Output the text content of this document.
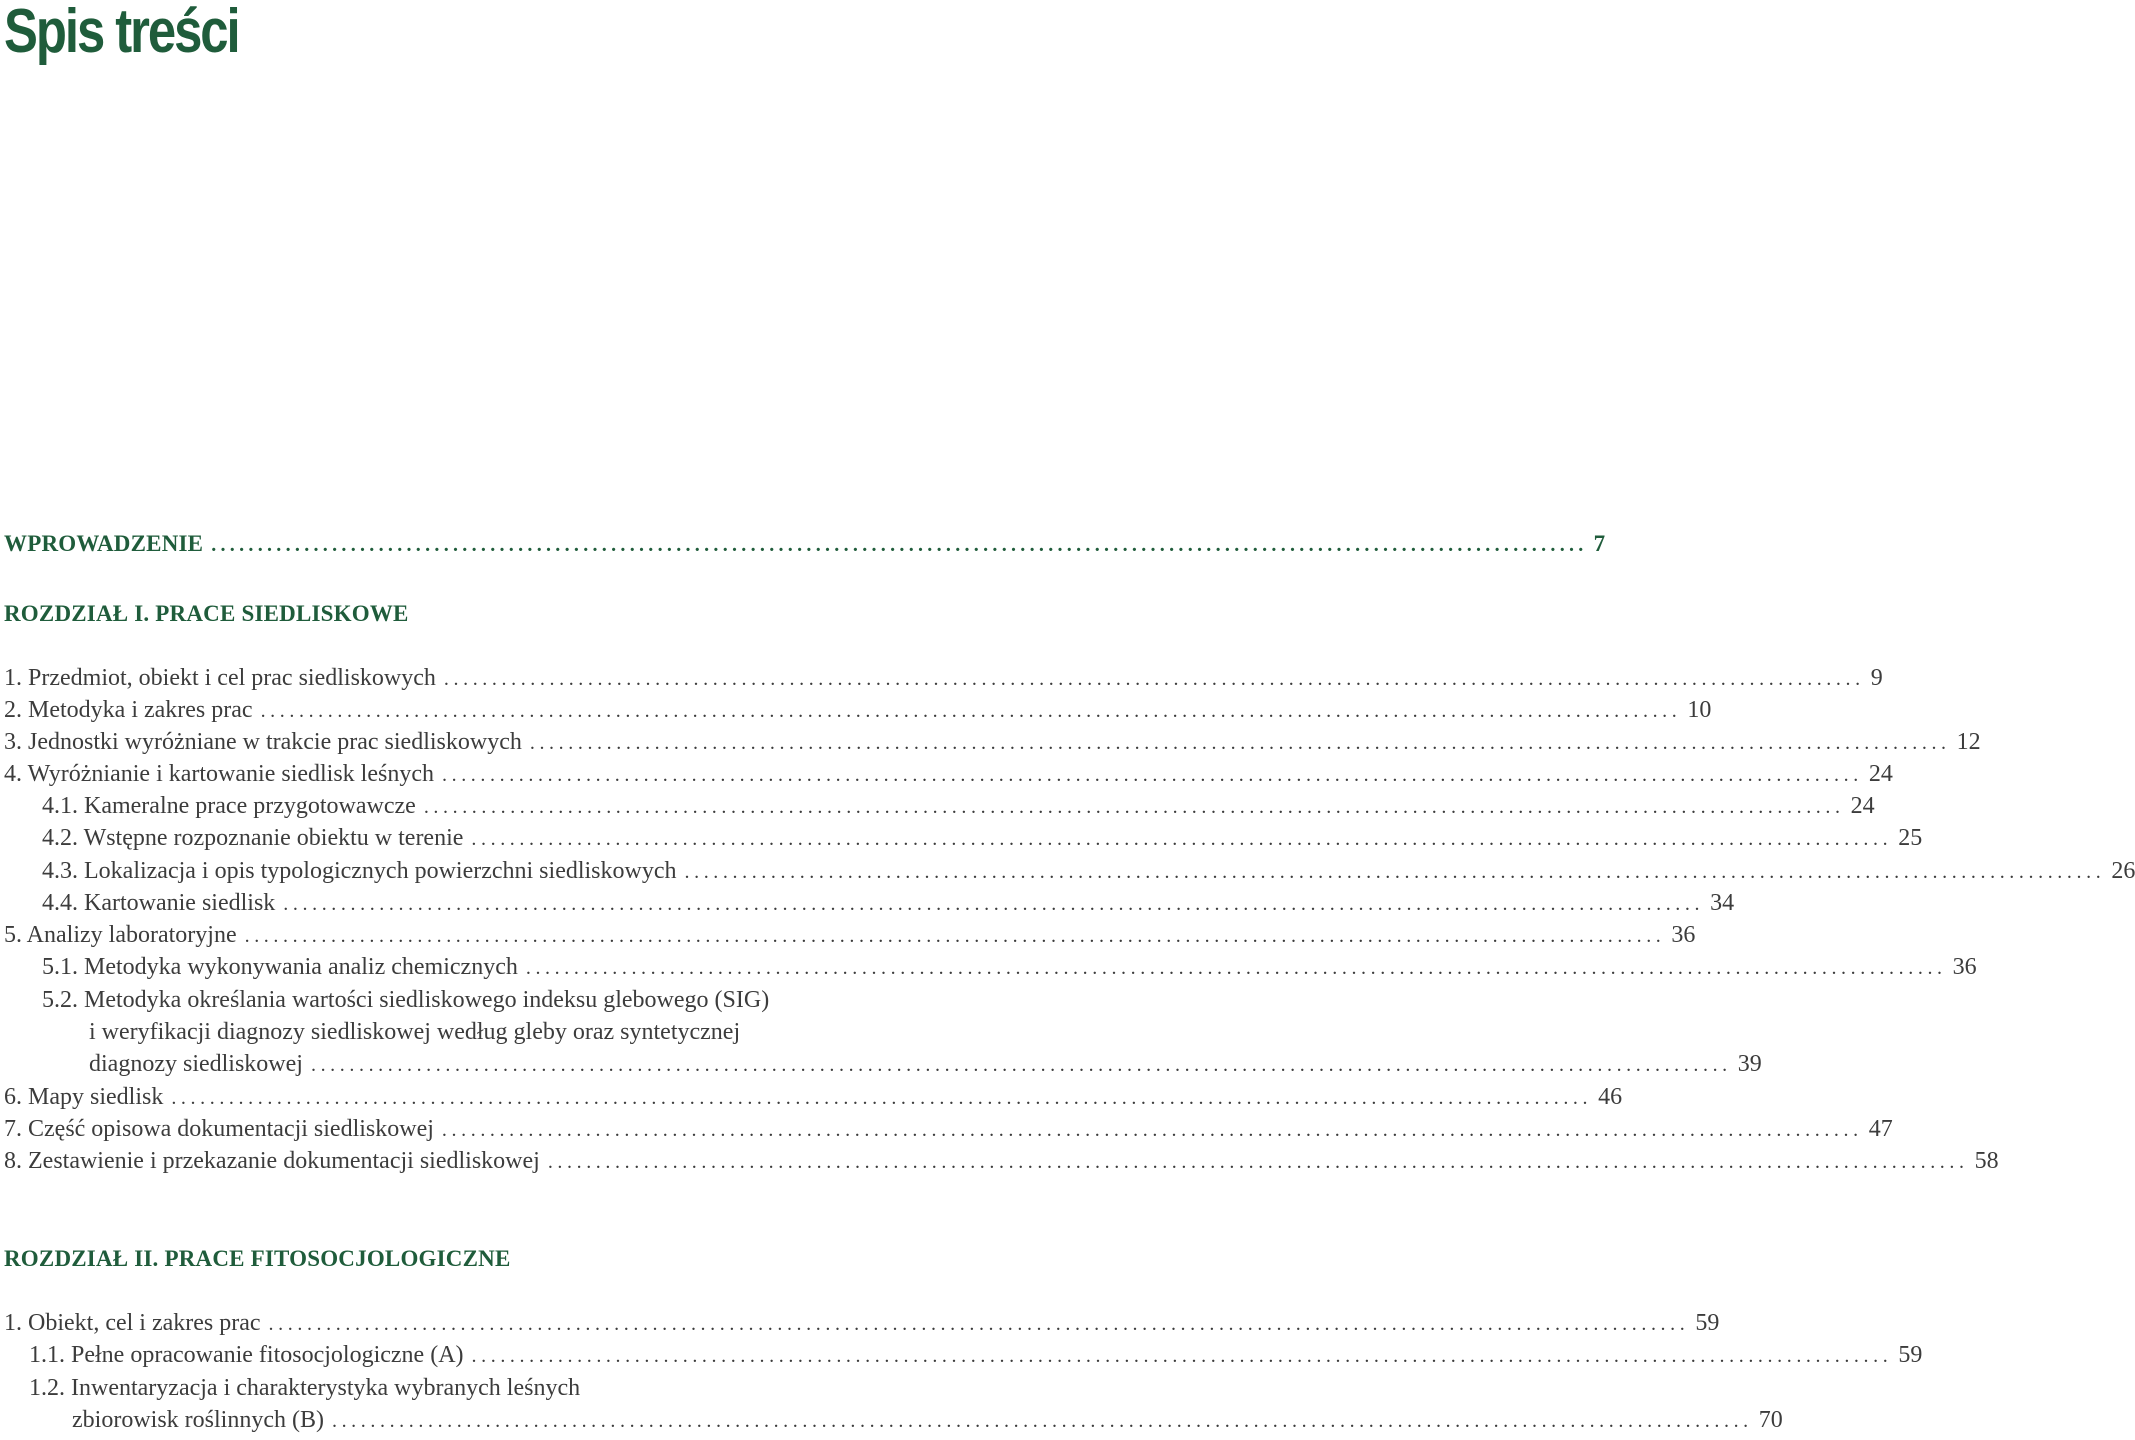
Spis treści
WPROWADZENIE .................................................................................................................................................... 7
ROZDZIAŁ I. PRACE SIEDLISKOWE
1. Przedmiot, obiekt i cel prac siedliskowych .................................................................................................................................................... 9
2. Metodyka i zakres prac .................................................................................................................................................... 10
3. Jednostki wyróżniane w trakcie prac siedliskowych .................................................................................................................................................... 12
4. Wyróżnianie i kartowanie siedlisk leśnych .................................................................................................................................................... 24
4.1. Kameralne prace przygotowawcze .................................................................................................................................................... 24
4.2. Wstępne rozpoznanie obiektu w terenie .................................................................................................................................................... 25
4.3. Lokalizacja i opis typologicznych powierzchni siedliskowych .................................................................................................................................................... 26
4.4. Kartowanie siedlisk .................................................................................................................................................... 34
5. Analizy laboratoryjne .................................................................................................................................................... 36
5.1. Metodyka wykonywania analiz chemicznych .................................................................................................................................................... 36
5.2. Metodyka określania wartości siedliskowego indeksu glebowego (SIG)
i weryfikacji diagnozy siedliskowej według gleby oraz syntetycznej
diagnozy siedliskowej .................................................................................................................................................... 39
6. Mapy siedlisk .................................................................................................................................................... 46
7. Część opisowa dokumentacji siedliskowej .................................................................................................................................................... 47
8. Zestawienie i przekazanie dokumentacji siedliskowej .................................................................................................................................................... 58
ROZDZIAŁ II. PRACE FITOSOCJOLOGICZNE
1. Obiekt, cel i zakres prac .................................................................................................................................................... 59
1.1. Pełne opracowanie fitosocjologiczne (A) .................................................................................................................................................... 59
1.2. Inwentaryzacja i charakterystyka wybranych leśnych
zbiorowisk roślinnych (B) .................................................................................................................................................... 70
